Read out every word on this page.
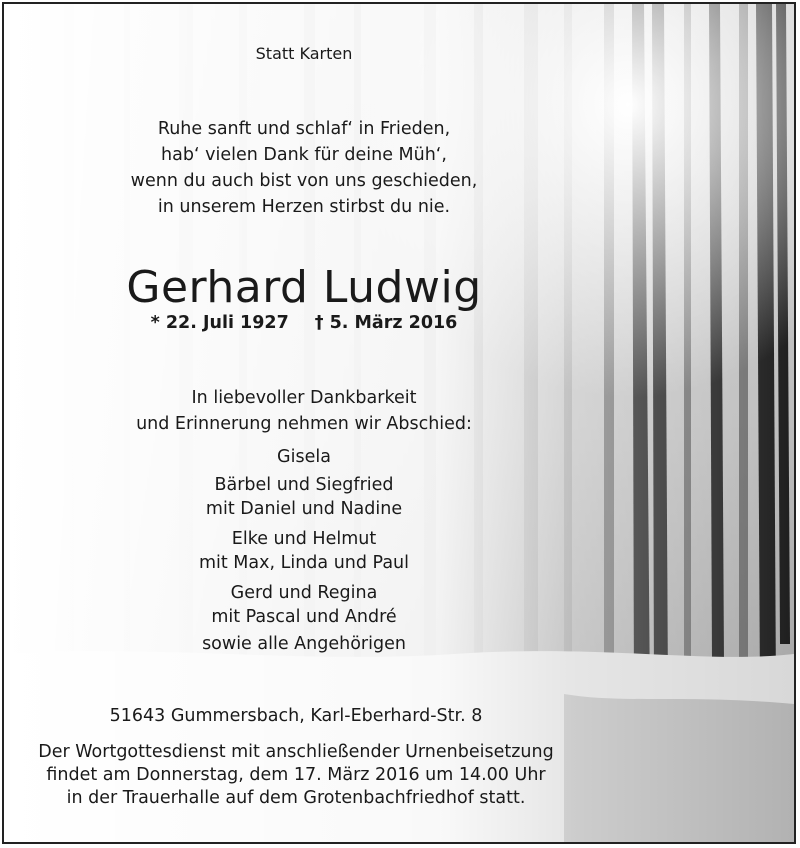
Statt Karten
Ruhe sanft und schlaf‘ in Frieden,
hab‘ vielen Dank für deine Müh‘,
wenn du auch bist von uns geschieden,
in unserem Herzen stirbst du nie.
Gerhard Ludwig
* 22. Juli 1927 † 5. März 2016
In liebevoller Dankbarkeit
und Erinnerung nehmen wir Abschied:
Gisela
Bärbel und Siegfried
mit Daniel und Nadine
Elke und Helmut
mit Max, Linda und Paul
Gerd und Regina
mit Pascal und André
sowie alle Angehörigen
51643 Gummersbach, Karl-Eberhard-Str. 8
Der Wortgottesdienst mit anschließender Urnenbeisetzung
findet am Donnerstag, dem 17. März 2016 um 14.00 Uhr
in der Trauerhalle auf dem Grotenbachfriedhof statt.
